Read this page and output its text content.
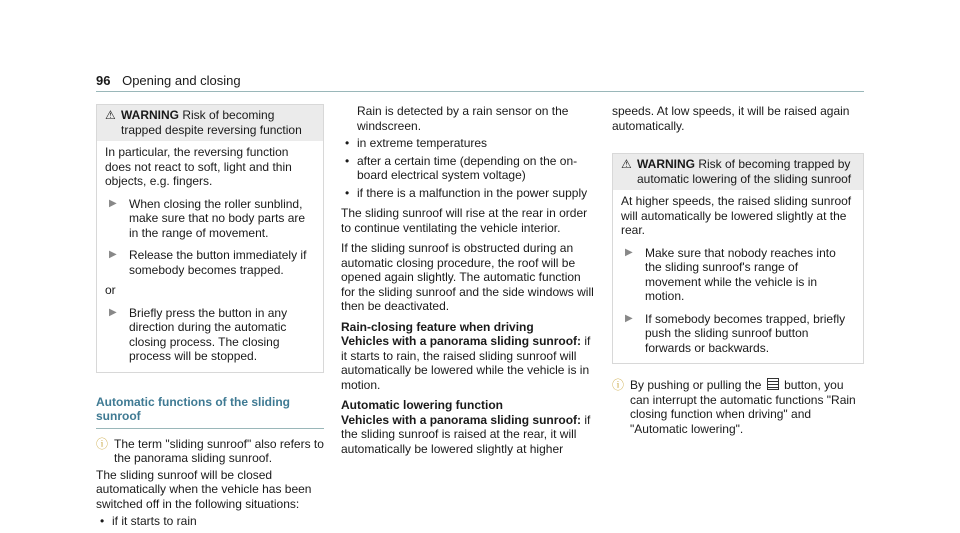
96 Opening and closing
⚠ WARNING Risk of becoming trapped despite reversing function

In particular, the reversing function does not react to soft, light and thin objects, e.g. fingers.

▶	When closing the roller sunblind, make sure that no body parts are in the range of movement.
▶	Release the button immediately if somebody becomes trapped.

or

▶	Briefly press the button in any direction during the automatic closing process. The closing process will be stopped.
Automatic functions of the sliding sunroof
ⓘ The term "sliding sunroof" also refers to the panorama sliding sunroof.

The sliding sunroof will be closed automatically when the vehicle has been switched off in the following situations:

• if it starts to rain

Rain is detected by a rain sensor on the windscreen.

• in extreme temperatures
• after a certain time (depending on the on-board electrical system voltage)
• if there is a malfunction in the power supply

The sliding sunroof will rise at the rear in order to continue ventilating the vehicle interior.

If the sliding sunroof is obstructed during an automatic closing procedure, the roof will be opened again slightly. The automatic function for the sliding sunroof and the side windows will then be deactivated.

Rain-closing feature when driving

Vehicles with a panorama sliding sunroof: if it starts to rain, the raised sliding sunroof will automatically be lowered while the vehicle is in motion.

Automatic lowering function

Vehicles with a panorama sliding sunroof: if the sliding sunroof is raised at the rear, it will automatically be lowered slightly at higher

speeds. At low speeds, it will be raised again automatically.

⚠ WARNING Risk of becoming trapped by automatic lowering of the sliding sunroof

At higher speeds, the raised sliding sunroof will automatically be lowered slightly at the rear.

▶	Make sure that nobody reaches into the sliding sunroof's range of movement while the vehicle is in motion.
▶	If somebody becomes trapped, briefly push the sliding sunroof button forwards or backwards.
ⓘ By pushing or pulling the button, you can interrupt the automatic functions "Rain closing function when driving" and "Automatic lowering".
